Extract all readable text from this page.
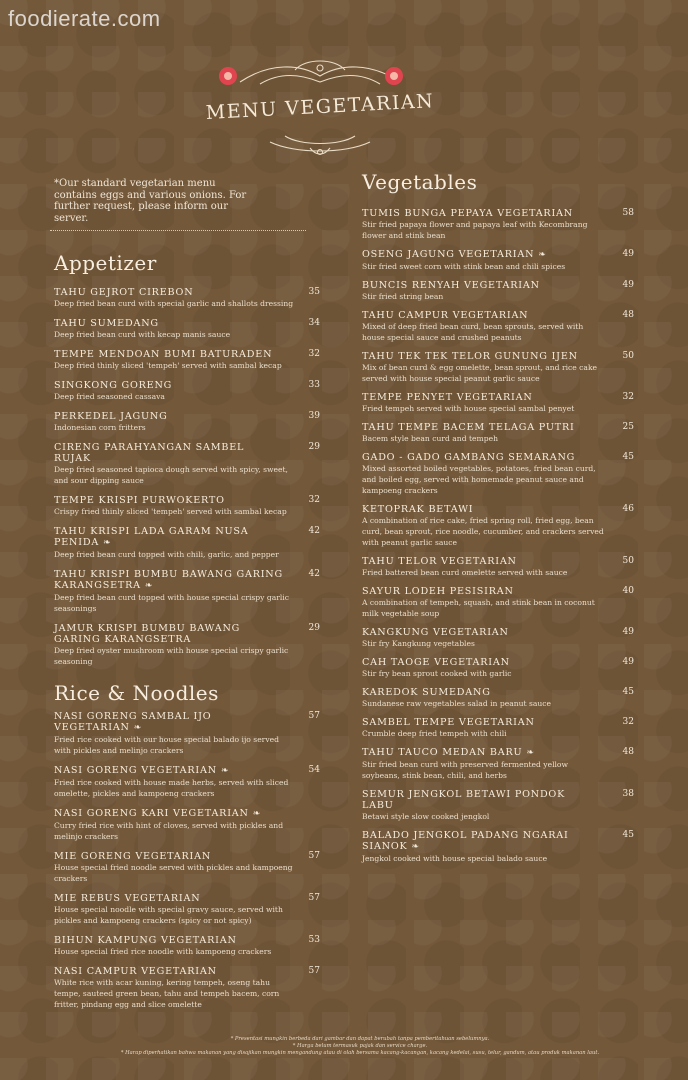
foodierate.com
MENU VEGETARIAN
*Our standard vegetarian menu contains eggs and various onions. For further request, please inform our server.
Appetizer
TAHU GEJROT CIREBON
Deep fried bean curd with special garlic and shallots dressing
35
TAHU SUMEDANG
Deep fried bean curd with kecap manis sauce
34
TEMPE MENDOAN BUMI BATURADEN
Deep fried thinly sliced 'tempeh' served with sambal kecap
32
SINGKONG GORENG
Deep fried seasoned cassava
33
PERKEDEL JAGUNG
Indonesian corn fritters
39
CIRENG PARAHYANGAN SAMBEL RUJAK
Deep fried seasoned tapioca dough served with spicy, sweet, and sour dipping sauce
29
TEMPE KRISPI PURWOKERTO
Crispy fried thinly sliced 'tempeh' served with sambal kecap
32
TAHU KRISPI LADA GARAM NUSA PENIDA ❧
Deep fried bean curd topped with chili, garlic, and pepper
42
TAHU KRISPI BUMBU BAWANG GARING KARANGSETRA ❧
Deep fried bean curd topped with house special crispy garlic seasonings
42
JAMUR KRISPI BUMBU BAWANG GARING KARANGSETRA
Deep fried oyster mushroom with house special crispy garlic seasoning
29
Rice & Noodles
NASI GORENG SAMBAL IJO VEGETARIAN ❧
Fried rice cooked with our house special balado ijo served with pickles and melinjo crackers
57
NASI GORENG VEGETARIAN ❧
Fried rice cooked with house made herbs, served with sliced omelette, pickles and kampoeng crackers
54
NASI GORENG KARI VEGETARIAN ❧
Curry fried rice with hint of cloves, served with pickles and melinjo crackers
MIE GORENG VEGETARIAN
House special fried noodle served with pickles and kampoeng crackers
57
MIE REBUS VEGETARIAN
House special noodle with special gravy sauce, served with pickles and kampoeng crackers (spicy or not spicy)
57
BIHUN KAMPUNG VEGETARIAN
House special fried rice noodle with kampoeng crackers
53
NASI CAMPUR VEGETARIAN
White rice with acar kuning, kering tempeh, oseng tahu tempe, sauteed green bean, tahu and tempeh bacem, corn fritter, pindang egg and slice omelette
57
Vegetables
TUMIS BUNGA PEPAYA VEGETARIAN
Stir fried papaya flower and papaya leaf with Kecombrang flower and stink bean
58
OSENG JAGUNG VEGETARIAN ❧
Stir fried sweet corn with stink bean and chili spices
49
BUNCIS RENYAH VEGETARIAN
Stir fried string bean
49
TAHU CAMPUR VEGETARIAN
Mixed of deep fried bean curd, bean sprouts, served with house special sauce and crushed peanuts
48
TAHU TEK TEK TELOR GUNUNG IJEN
Mix of bean curd & egg omelette, bean sprout, and rice cake served with house special peanut garlic sauce
50
TEMPE PENYET VEGETARIAN
Fried tempeh served with house special sambal penyet
32
TAHU TEMPE BACEM TELAGA PUTRI
Bacem style bean curd and tempeh
25
GADO - GADO GAMBANG SEMARANG
Mixed assorted boiled vegetables, potatoes, fried bean curd, and boiled egg, served with homemade peanut sauce and kampoeng crackers
45
KETOPRAK BETAWI
A combination of rice cake, fried spring roll, fried egg, bean curd, bean sprout, rice noodle, cucumber, and crackers served with peanut garlic sauce
46
TAHU TELOR VEGETARIAN
Fried battered bean curd omelette served with sauce
50
SAYUR LODEH PESISIRAN
A combination of tempeh, squash, and stink bean in coconut milk vegetable soup
40
KANGKUNG VEGETARIAN
Stir fry Kangkung vegetables
49
CAH TAOGE VEGETARIAN
Stir fry bean sprout cooked with garlic
49
KAREDOK SUMEDANG
Sundanese raw vegetables salad in peanut sauce
45
SAMBEL TEMPE VEGETARIAN
Crumble deep fried tempeh with chili
32
TAHU TAUCO MEDAN BARU ❧
Stir fried bean curd with preserved fermented yellow soybeans, stink bean, chili, and herbs
48
SEMUR JENGKOL BETAWI PONDOK LABU
Betawi style slow cooked jengkol
38
BALADO JENGKOL PADANG NGARAI SIANOK ❧
Jengkol cooked with house special balado sauce
45
* Presentasi mungkin berbeda dari gambar dan dapat berubah tanpa pemberitahuan sebelumnya.
* Harga belum termasuk pajak dan service charge.
* Harap diperhatikan bahwa makanan yang disajikan mungkin mengandung atau di olah bersama kacang-kacangan, kacang kedelai, susu, telur, gandum, atau produk makanan laut.
